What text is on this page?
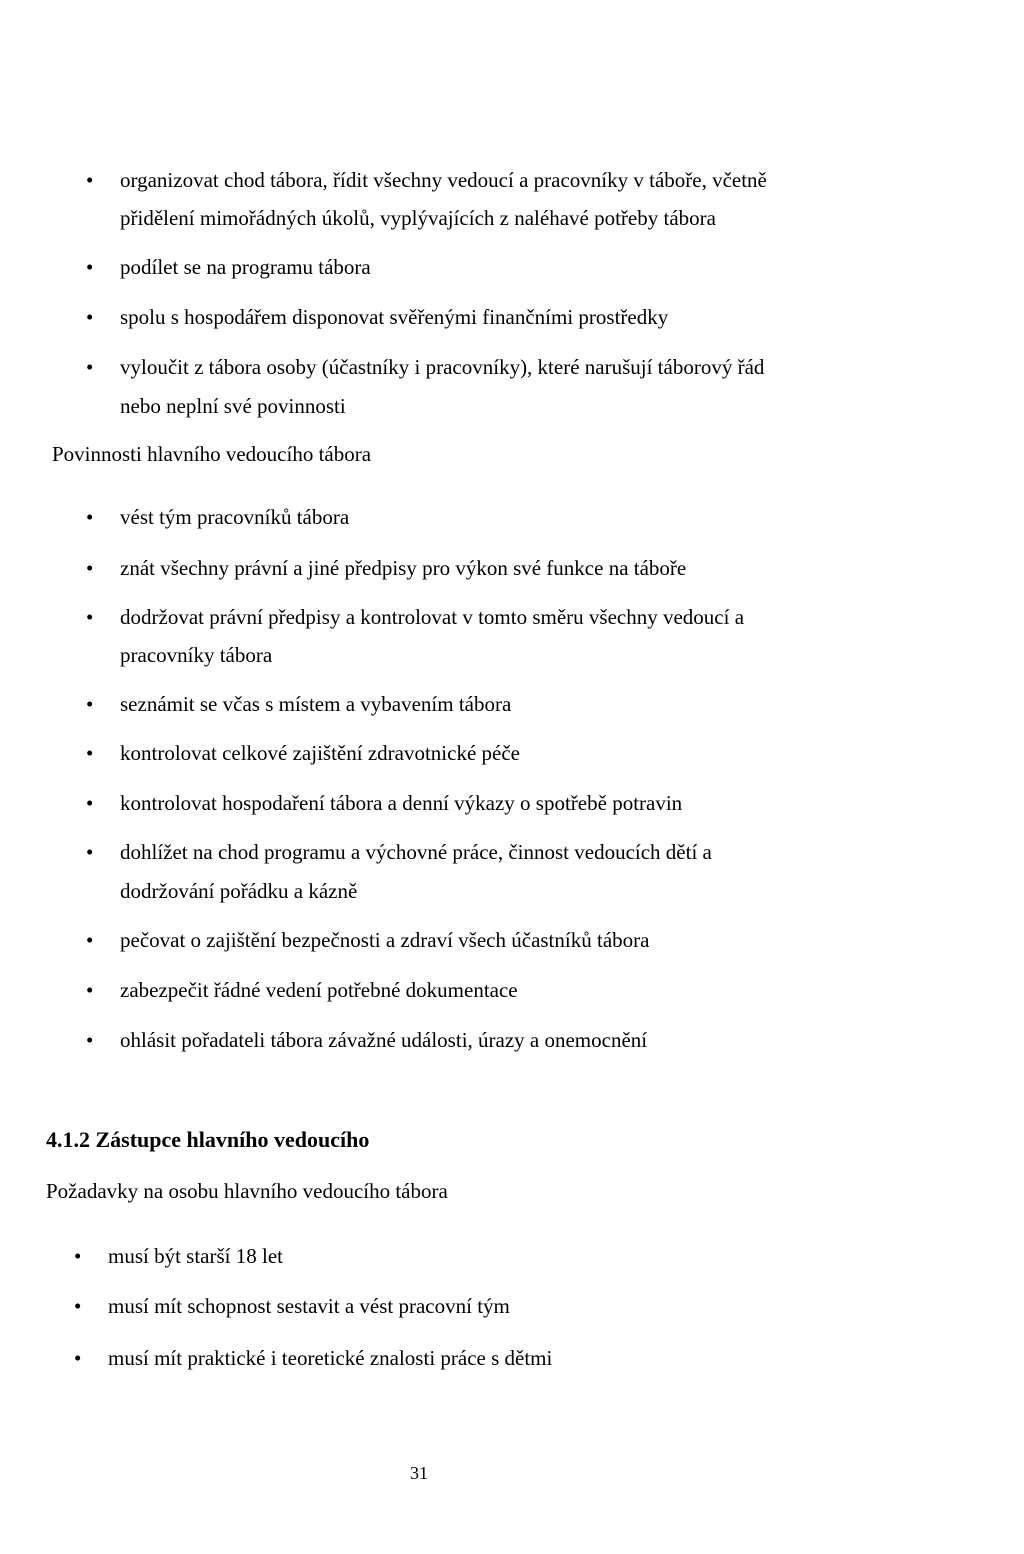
• organizovat chod tábora, řídit všechny vedoucí a pracovníky v táboře, včetně
přidělení mimořádných úkolů, vyplývajících z naléhavé potřeby tábora
• podílet se na programu tábora
• spolu s hospodářem disponovat svěřenými finančními prostředky
• vyloučit z tábora osoby (účastníky i pracovníky), které narušují táborový řád
nebo neplní své povinnosti
Povinnosti hlavního vedoucího tábora
• vést tým pracovníků tábora
• znát všechny právní a jiné předpisy pro výkon své funkce na táboře
• dodržovat právní předpisy a kontrolovat v tomto směru všechny vedoucí a
pracovníky tábora
• seznámit se včas s místem a vybavením tábora
• kontrolovat celkové zajištění zdravotnické péče
• kontrolovat hospodaření tábora a denní výkazy o spotřebě potravin
• dohlížet na chod programu a výchovné práce, činnost vedoucích dětí a
dodržování pořádku a kázně
• pečovat o zajištění bezpečnosti a zdraví všech účastníků tábora
• zabezpečit řádné vedení potřebné dokumentace
• ohlásit pořadateli tábora závažné události, úrazy a onemocnění
4.1.2 Zástupce hlavního vedoucího
Požadavky na osobu hlavního vedoucího tábora
• musí být starší 18 let
• musí mít schopnost sestavit a vést pracovní tým
• musí mít praktické i teoretické znalosti práce s dětmi
31
